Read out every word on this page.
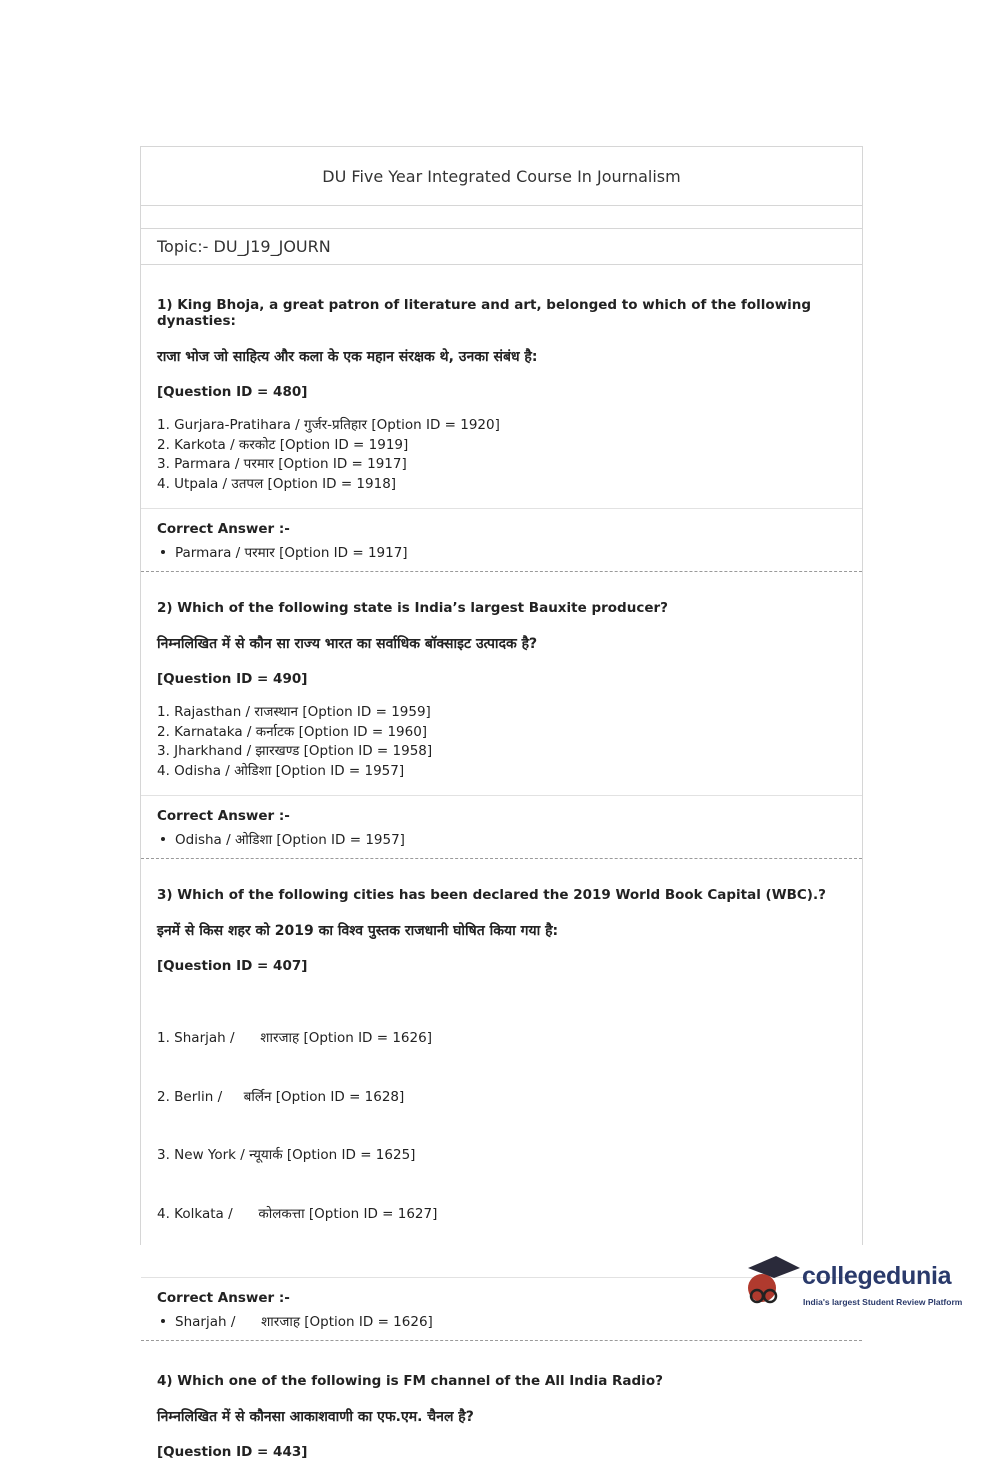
DU Five Year Integrated Course In Journalism
Topic:- DU_J19_JOURN

1) King Bhoja, a great patron of literature and art, belonged to which of the following dynasties:

राजा भोज जो साहित्य और कला के एक महान संरक्षक थे, उनका संबंध है:

[Question ID = 480]

1. Gurjara-Pratihara / गुर्जर-प्रतिहार [Option ID = 1920]
2. Karkota / करकोट [Option ID = 1919]
3. Parmara / परमार [Option ID = 1917]
4. Utpala / उतपल [Option ID = 1918]

Correct Answer :-

Parmara / परमार [Option ID = 1917]

2) Which of the following state is India’s largest Bauxite producer?

निम्नलिखित में से कौन सा राज्य भारत का सर्वाधिक बॉक्साइट उत्पादक है?

[Question ID = 490]

1. Rajasthan / राजस्थान [Option ID = 1959]
2. Karnataka / कर्नाटक [Option ID = 1960]
3. Jharkhand / झारखण्ड [Option ID = 1958]
4. Odisha / ओडिशा [Option ID = 1957]

Correct Answer :-

Odisha / ओडिशा [Option ID = 1957]

3) Which of the following cities has been declared the 2019 World Book Capital (WBC).?

इनमें से किस शहर को 2019 का विश्व पुस्तक राजधानी घोषित किया गया है:

[Question ID = 407]

1. Sharjah /      शारजाह [Option ID = 1626]

2. Berlin /     बर्लिन [Option ID = 1628]

3. New York / न्यूयार्क [Option ID = 1625]

4. Kolkata /      कोलकत्ता [Option ID = 1627]

Correct Answer :-

Sharjah /      शारजाह [Option ID = 1626]

4) Which one of the following is FM channel of the All India Radio?

निम्नलिखित में से कौनसा आकाशवाणी का एफ.एम. चैनल है?

[Question ID = 443]

collegedunia
India's largest Student Review Platform
